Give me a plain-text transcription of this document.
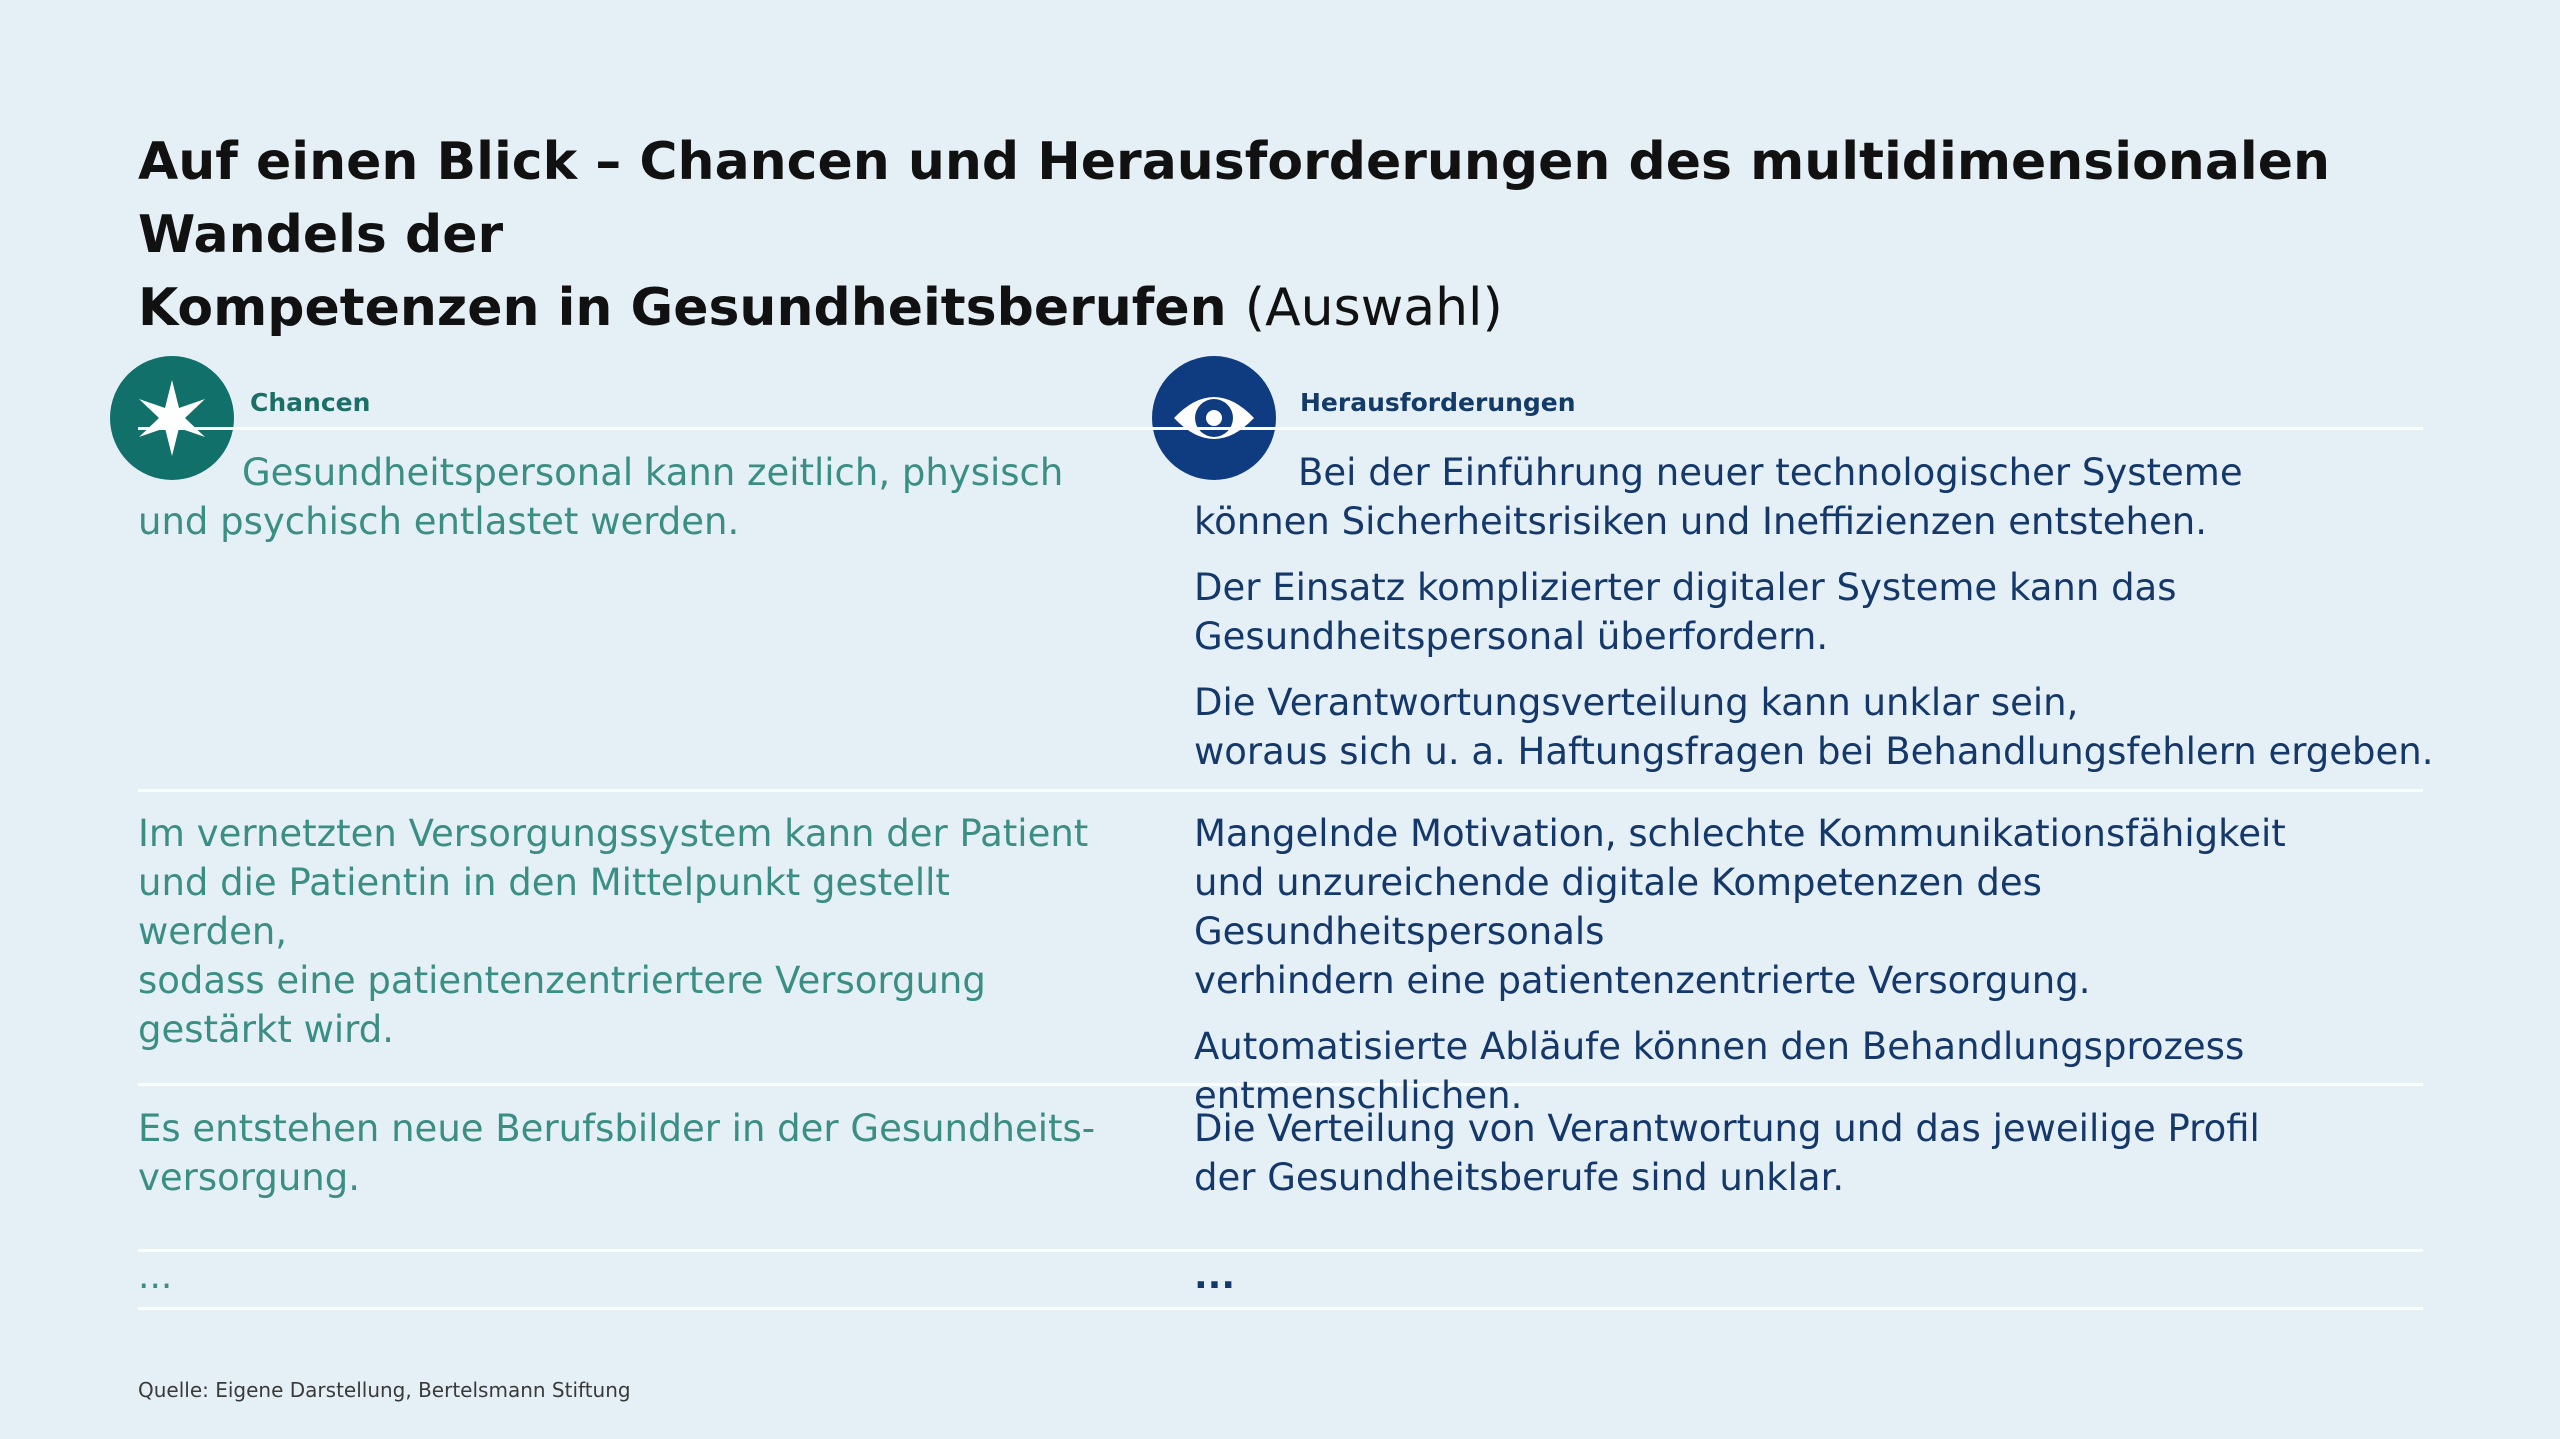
Auf einen Blick – Chancen und Herausforderungen des multidimensionalen Wandels der
Kompetenzen in Gesundheitsberufen (Auswahl)
Chancen	Herausforderungen
Gesundheitspersonal kann zeitlich, physisch
und psychisch entlastet werden.

Bei der Einführung neuer technologischer Systeme
können Sicherheitsrisiken und Ineffizienzen entstehen.

Der Einsatz komplizierter digitaler Systeme kann das
Gesundheitspersonal überfordern.

Die Verantwortungsverteilung kann unklar sein,
woraus sich u. a. Haftungsfragen bei Behandlungsfehlern ergeben.

Im vernetzten Versorgungssystem kann der Patient
und die Patientin in den Mittelpunkt gestellt werden,
sodass eine patientenzentriertere Versorgung
gestärkt wird.

Mangelnde Motivation, schlechte Kommunikationsfähigkeit
und unzureichende digitale Kompetenzen des Gesundheitspersonals
verhindern eine patientenzentrierte Versorgung.

Automatisierte Abläufe können den Behandlungsprozess
entmenschlichen.

Es entstehen neue Berufsbilder in der Gesundheits-
versorgung.

Die Verteilung von Verantwortung und das jeweilige Profil
der Gesundheitsberufe sind unklar.

...	...
Quelle: Eigene Darstellung, Bertelsmann Stiftung
